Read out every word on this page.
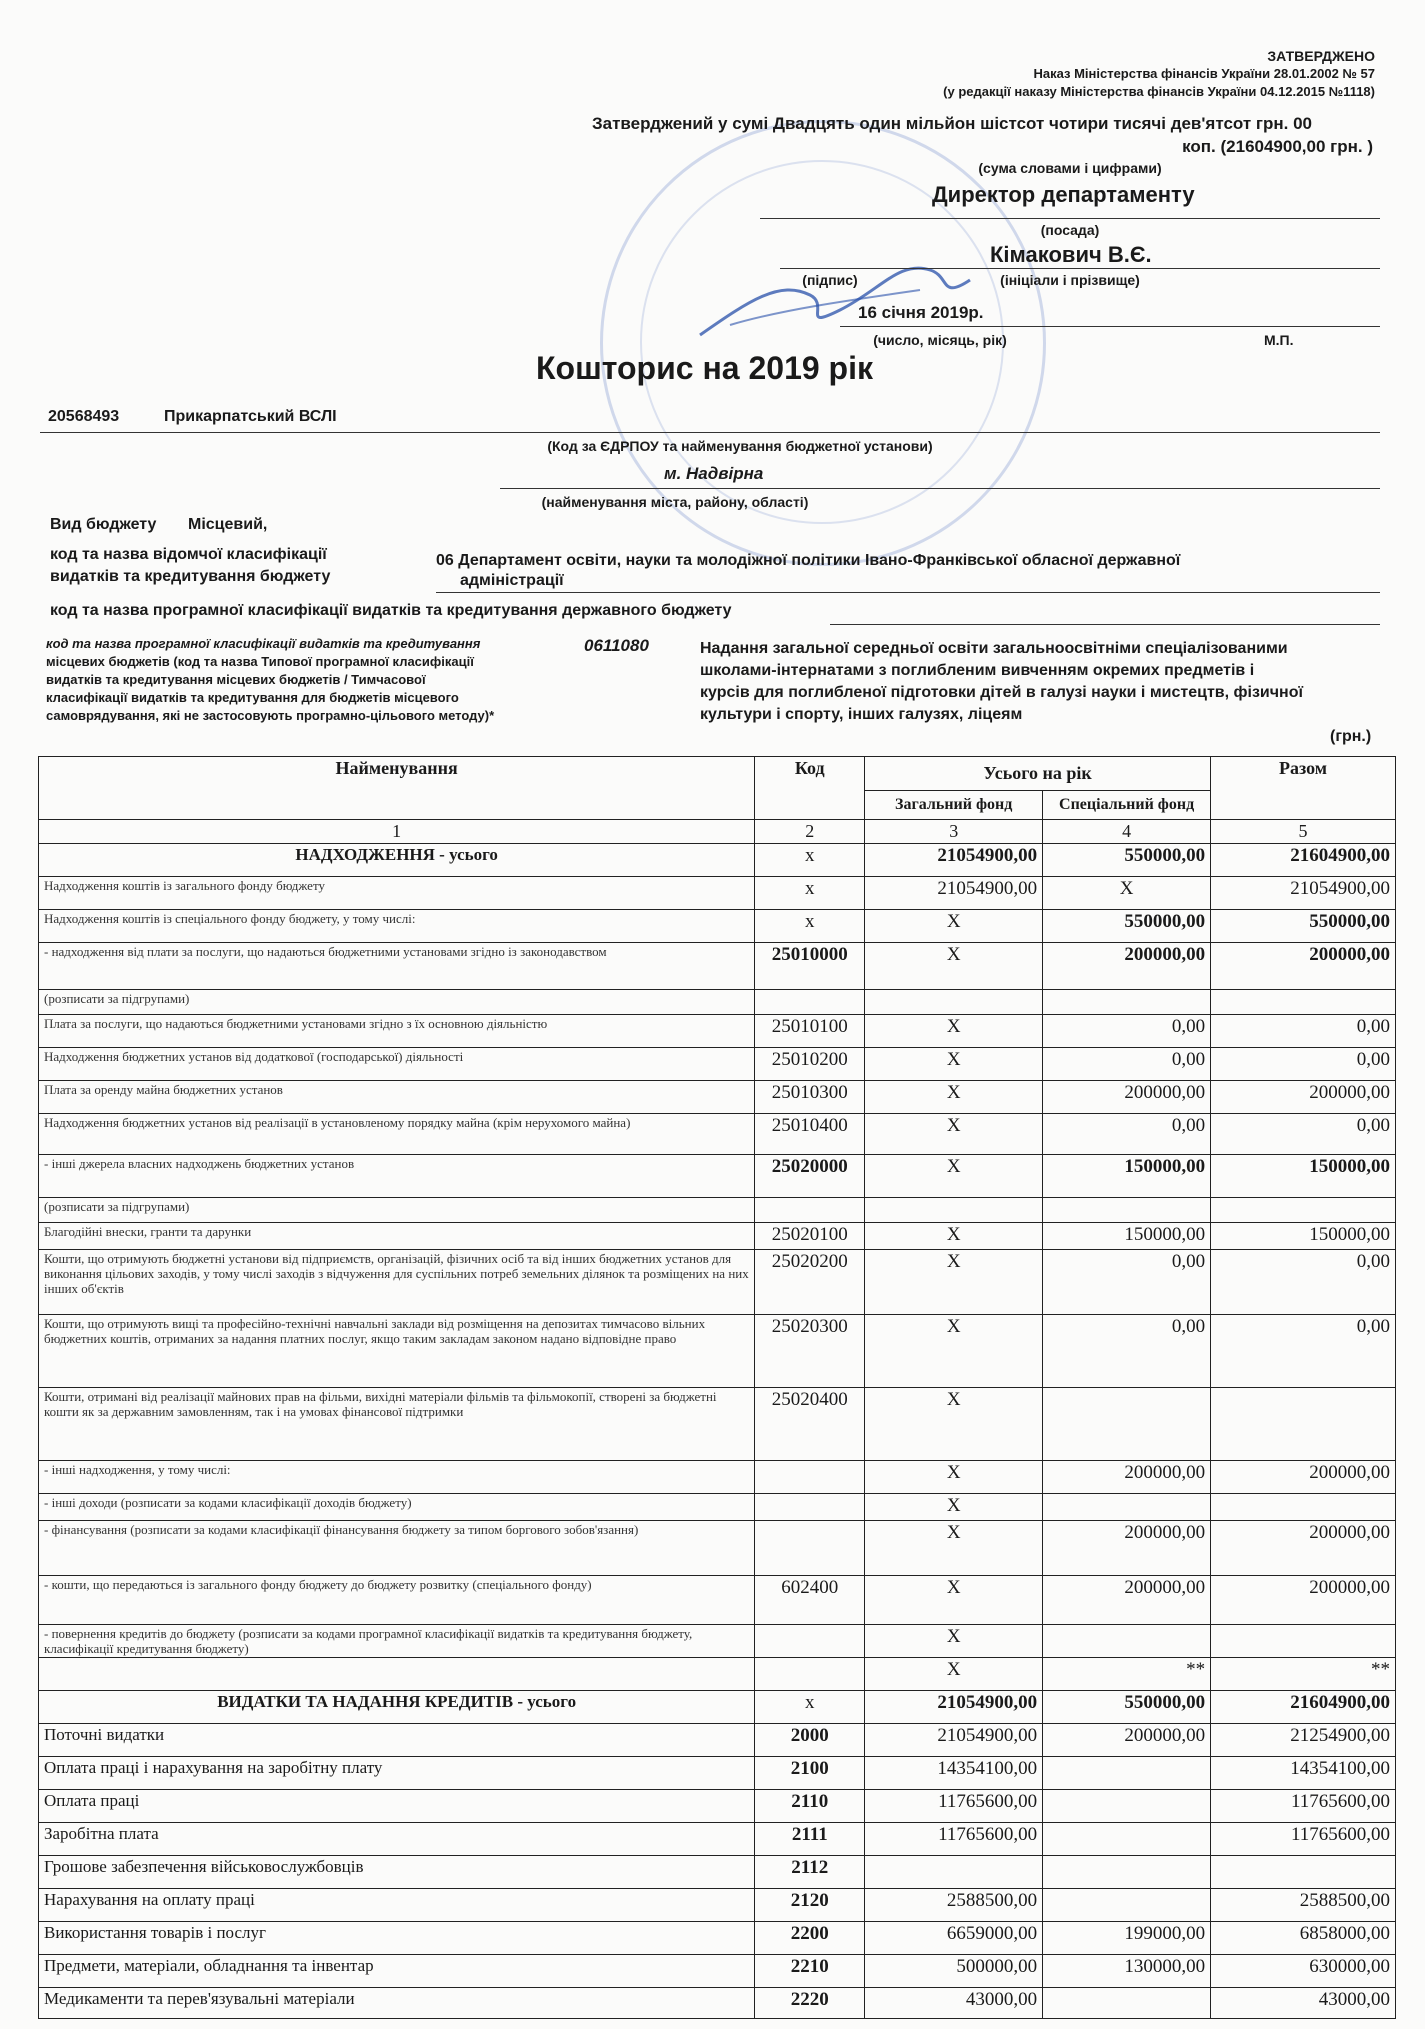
ЗАТВЕРДЖЕНО
Наказ Міністерства фінансів України 28.01.2002 № 57
(у редакції наказу Міністерства фінансів України 04.12.2015 №1118)
Затверджений у сумі Двадцять один мільйон шістсот чотири тисячі дев'ятсот грн. 00
коп. (21604900,00 грн. )
(сума словами і цифрами)
Директор департаменту
(посада)
Кімакович В.Є.
(підпис)	(ініціали і прізвище)
16 січня 2019р.
(число, місяць, рік)	М.П.
Кошторис на 2019 рік
20568493	Прикарпатський ВСЛІ
(Код за ЄДРПОУ та найменування бюджетної установи)
м. Надвірна
(найменування міста, району, області)
Вид бюджету Місцевий,
код та назва відомчої класифікації
видатків та кредитування бюджету
06 Департамент освіти, науки та молодіжної політики Івано-Франківської обласної державної
адміністрації
код та назва програмної класифікації видатків та кредитування державного бюджету
код та назва програмної класифікації видатків та кредитування
місцевих бюджетів (код та назва Типової програмної класифікації
видатків та кредитування місцевих бюджетів / Тимчасової
класифікації видатків та кредитування для бюджетів місцевого
самоврядування, які не застосовують програмно-цільового методу)*
0611080	Надання загальної середньої освіти загальноосвітніми спеціалізованими
школами-інтернатами з поглибленим вивченням окремих предметів і
курсів для поглибленої підготовки дітей в галузі науки і мистецтв, фізичної
культури і спорту, інших галузях, ліцеям
(грн.)
Найменування	Код	Усього на рік		Разом
		Загальний фонд	Спеціальний фонд	
1	2	3	4	5
НАДХОДЖЕННЯ - усього	х	21054900,00	550000,00	21604900,00
Надходження коштів із загального фонду бюджету	х	21054900,00	Х	21054900,00
Надходження коштів із спеціального фонду бюджету, у тому числі:	х	Х	550000,00	550000,00
- надходження від плати за послуги, що надаються бюджетними установами згідно із законодавством	25010000	Х	200000,00	200000,00
(розписати за підгрупами)				
Плата за послуги, що надаються бюджетними установами згідно з їх основною діяльністю	25010100	Х	0,00	0,00
Надходження бюджетних установ від додаткової (господарської) діяльності	25010200	Х	0,00	0,00
Плата за оренду майна бюджетних установ	25010300	Х	200000,00	200000,00
Надходження бюджетних установ від реалізації в установленому порядку майна (крім нерухомого майна)	25010400	Х	0,00	0,00
- інші джерела власних надходжень бюджетних установ	25020000	Х	150000,00	150000,00
(розписати за підгрупами)				
Благодійні внески, гранти та дарунки	25020100	Х	150000,00	150000,00
Кошти, що отримують бюджетні установи від підприємств, організацій, фізичних осіб та від інших бюджетних установ для виконання цільових заходів, у тому числі заходів з відчуження для суспільних потреб земельних ділянок та розміщених на них інших об'єктів	25020200	Х	0,00	0,00
Кошти, що отримують вищі та професійно-технічні навчальні заклади від розміщення на депозитах тимчасово вільних бюджетних коштів, отриманих за надання платних послуг, якщо таким закладам законом надано відповідне право	25020300	Х	0,00	0,00
Кошти, отримані від реалізації майнових прав на фільми, вихідні матеріали фільмів та фільмокопії, створені за бюджетні кошти як за державним замовленням, так і на умовах фінансової підтримки	25020400	Х		
- інші надходження, у тому числі:		Х	200000,00	200000,00
- інші доходи (розписати за кодами класифікації доходів бюджету)		Х		
- фінансування (розписати за кодами класифікації фінансування бюджету за типом боргового зобов'язання)		Х	200000,00	200000,00
- кошти, що передаються із загального фонду бюджету до бюджету розвитку (спеціального фонду)	602400	Х	200000,00	200000,00
- повернення кредитів до бюджету (розписати за кодами програмної класифікації видатків та кредитування бюджету, класифікації кредитування бюджету)		Х		
		Х	**	**
ВИДАТКИ ТА НАДАННЯ КРЕДИТІВ - усього	х	21054900,00	550000,00	21604900,00
Поточні видатки	2000	21054900,00	200000,00	21254900,00
Оплата праці і нарахування на заробітну плату	2100	14354100,00		14354100,00
Оплата праці	2110	11765600,00		11765600,00
Заробітна плата	2111	11765600,00		11765600,00
Грошове забезпечення військовослужбовців	2112			
Нарахування на оплату праці	2120	2588500,00		2588500,00
Використання товарів і послуг	2200	6659000,00	199000,00	6858000,00
Предмети, матеріали, обладнання та інвентар	2210	500000,00	130000,00	630000,00
Медикаменти та перев'язувальні матеріали	2220	43000,00		43000,00
